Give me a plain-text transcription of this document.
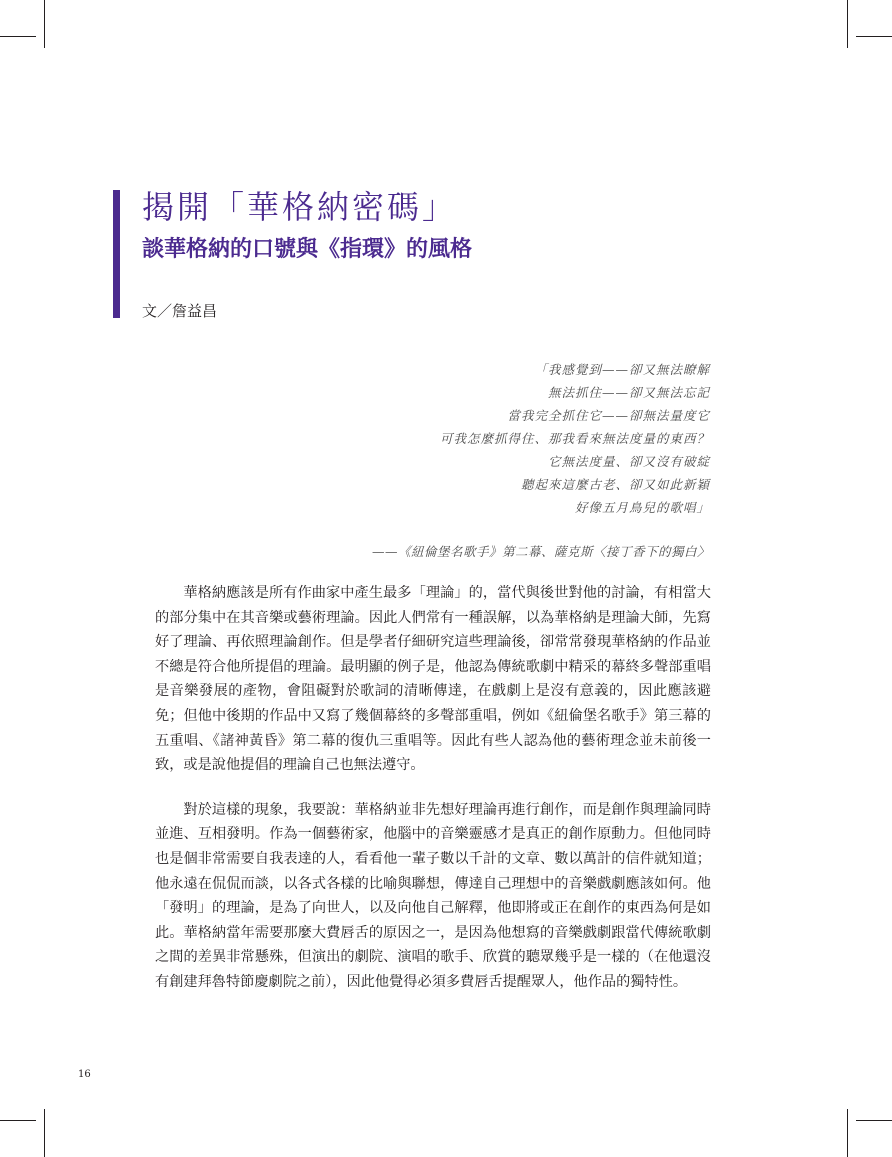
揭開「華格納密碼」
談華格納的口號與《指環》的風格
文／詹益昌
「我感覺到——卻又無法瞭解
無法抓住——卻又無法忘記
當我完全抓住它——卻無法量度它
可我怎麼抓得住、那我看來無法度量的東西？
它無法度量、卻又沒有破綻
聽起來這麼古老、卻又如此新穎
好像五月鳥兒的歌唱」
——《紐倫堡名歌手》第二幕、薩克斯〈接丁香下的獨白〉

華格納應該是所有作曲家中產生最多「理論」的，當代與後世對他的討論，有相當大的部分集中在其音樂或藝術理論。因此人們常有一種誤解，以為華格納是理論大師，先寫好了理論、再依照理論創作。但是學者仔細研究這些理論後，卻常常發現華格納的作品並不總是符合他所提倡的理論。最明顯的例子是，他認為傳統歌劇中精采的幕終多聲部重唱是音樂發展的產物，會阻礙對於歌詞的清晰傳達，在戲劇上是沒有意義的，因此應該避免；但他中後期的作品中又寫了幾個幕終的多聲部重唱，例如《紐倫堡名歌手》第三幕的五重唱、《諸神黃昏》第二幕的復仇三重唱等。因此有些人認為他的藝術理念並未前後一致，或是說他提倡的理論自己也無法遵守。

對於這樣的現象，我要說：華格納並非先想好理論再進行創作，而是創作與理論同時並進、互相發明。作為一個藝術家，他腦中的音樂靈感才是真正的創作原動力。但他同時也是個非常需要自我表達的人，看看他一輩子數以千計的文章、數以萬計的信件就知道；他永遠在侃侃而談，以各式各樣的比喻與聯想，傳達自己理想中的音樂戲劇應該如何。他「發明」的理論，是為了向世人，以及向他自己解釋，他即將或正在創作的東西為何是如此。華格納當年需要那麼大費唇舌的原因之一，是因為他想寫的音樂戲劇跟當代傳統歌劇之間的差異非常懸殊，但演出的劇院、演唱的歌手、欣賞的聽眾幾乎是一樣的（在他還沒有創建拜魯特節慶劇院之前），因此他覺得必須多費唇舌提醒眾人，他作品的獨特性。

16
